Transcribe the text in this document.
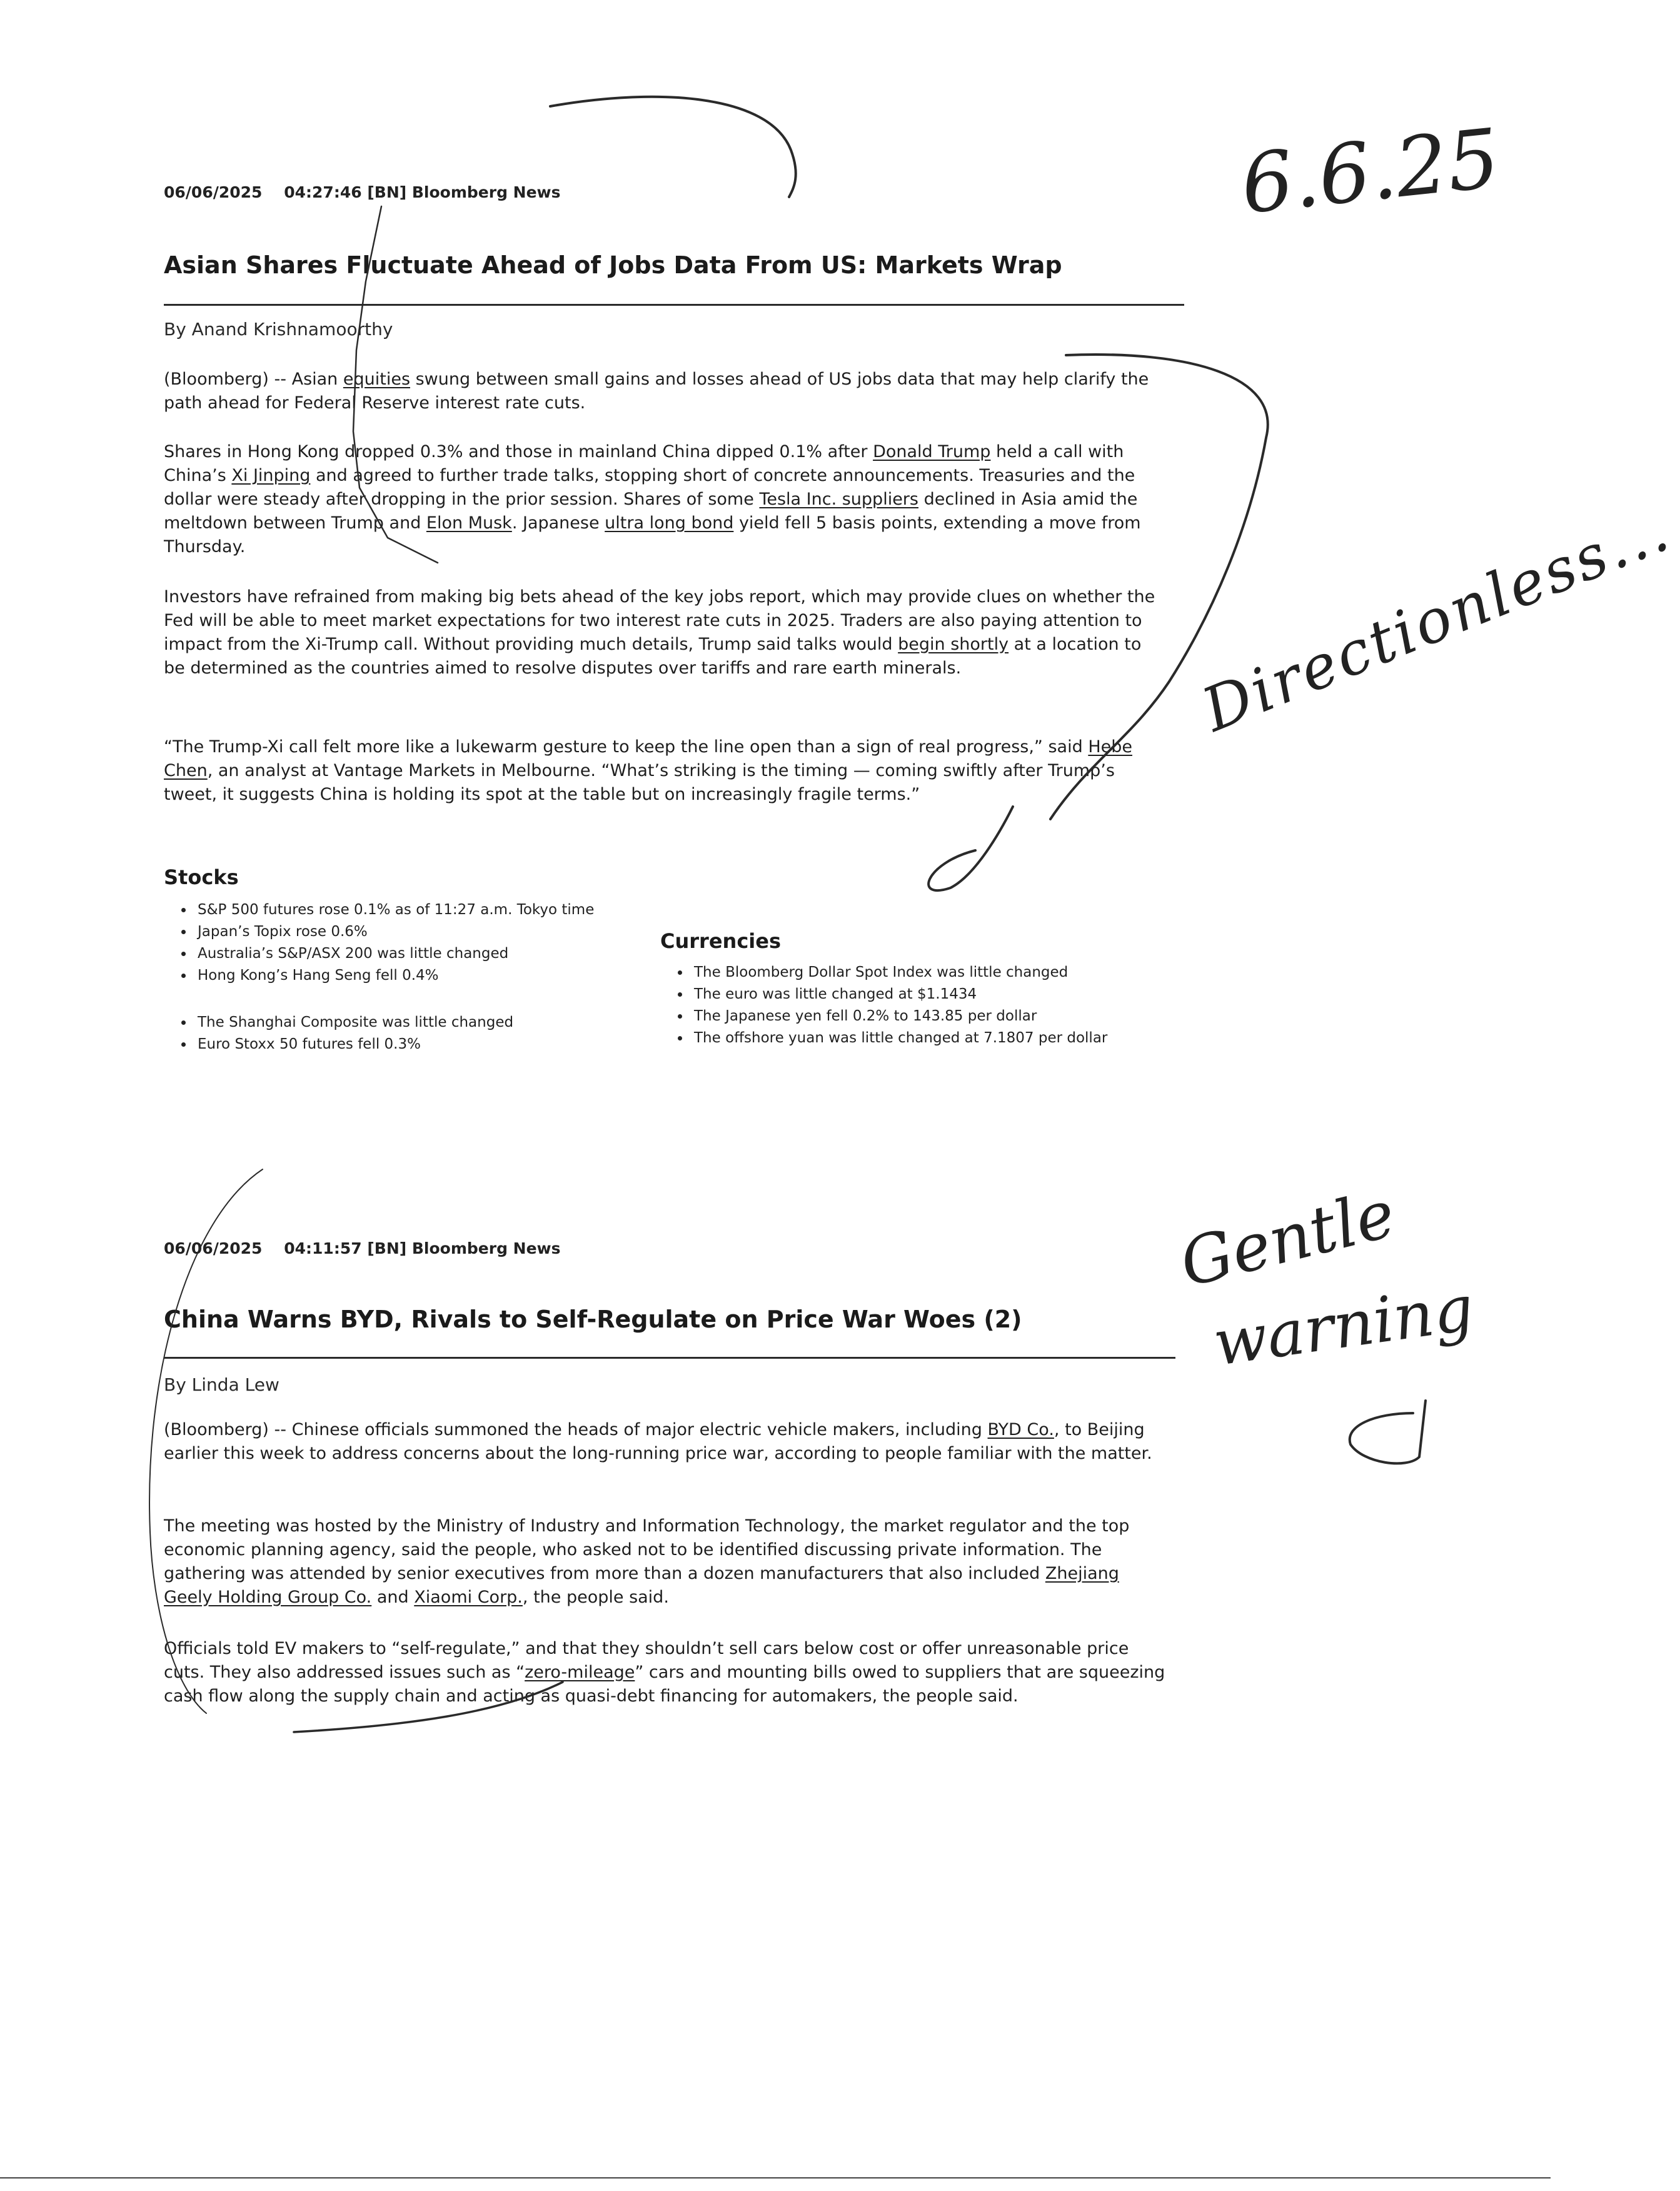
06/06/2025 04:27:46 [BN] Bloomberg News
Asian Shares Fluctuate Ahead of Jobs Data From US: Markets Wrap
By Anand Krishnamoorthy
(Bloomberg) -- Asian equities swung between small gains and losses ahead of US jobs data that may help clarify the path ahead for Federal Reserve interest rate cuts.
Shares in Hong Kong dropped 0.3% and those in mainland China dipped 0.1% after Donald Trump held a call with China’s Xi Jinping and agreed to further trade talks, stopping short of concrete announcements. Treasuries and the dollar were steady after dropping in the prior session. Shares of some Tesla Inc. suppliers declined in Asia amid the meltdown between Trump and Elon Musk. Japanese ultra long bond yield fell 5 basis points, extending a move from Thursday.
Investors have refrained from making big bets ahead of the key jobs report, which may provide clues on whether the Fed will be able to meet market expectations for two interest rate cuts in 2025. Traders are also paying attention to impact from the Xi-Trump call. Without providing much details, Trump said talks would begin shortly at a location to be determined as the countries aimed to resolve disputes over tariffs and rare earth minerals.
“The Trump-Xi call felt more like a lukewarm gesture to keep the line open than a sign of real progress,” said Hebe Chen, an analyst at Vantage Markets in Melbourne. “What’s striking is the timing — coming swiftly after Trump’s tweet, it suggests China is holding its spot at the table but on increasingly fragile terms.”
Stocks
• S&P 500 futures rose 0.1% as of 11:27 a.m. Tokyo time
• Japan’s Topix rose 0.6%
• Australia’s S&P/ASX 200 was little changed
• Hong Kong’s Hang Seng fell 0.4%
• The Shanghai Composite was little changed
• Euro Stoxx 50 futures fell 0.3%
Currencies
• The Bloomberg Dollar Spot Index was little changed
• The euro was little changed at $1.1434
• The Japanese yen fell 0.2% to 143.85 per dollar
• The offshore yuan was little changed at 7.1807 per dollar
06/06/2025 04:11:57 [BN] Bloomberg News
China Warns BYD, Rivals to Self-Regulate on Price War Woes (2)
By Linda Lew
(Bloomberg) -- Chinese officials summoned the heads of major electric vehicle makers, including BYD Co., to Beijing earlier this week to address concerns about the long-running price war, according to people familiar with the matter.
The meeting was hosted by the Ministry of Industry and Information Technology, the market regulator and the top economic planning agency, said the people, who asked not to be identified discussing private information. The gathering was attended by senior executives from more than a dozen manufacturers that also included Zhejiang Geely Holding Group Co. and Xiaomi Corp., the people said.
Officials told EV makers to “self-regulate,” and that they shouldn’t sell cars below cost or offer unreasonable price cuts. They also addressed issues such as “zero-mileage” cars and mounting bills owed to suppliers that are squeezing cash flow along the supply chain and acting as quasi-debt financing for automakers, the people said.
6.6.25
Directionless...
Gentle
warning
